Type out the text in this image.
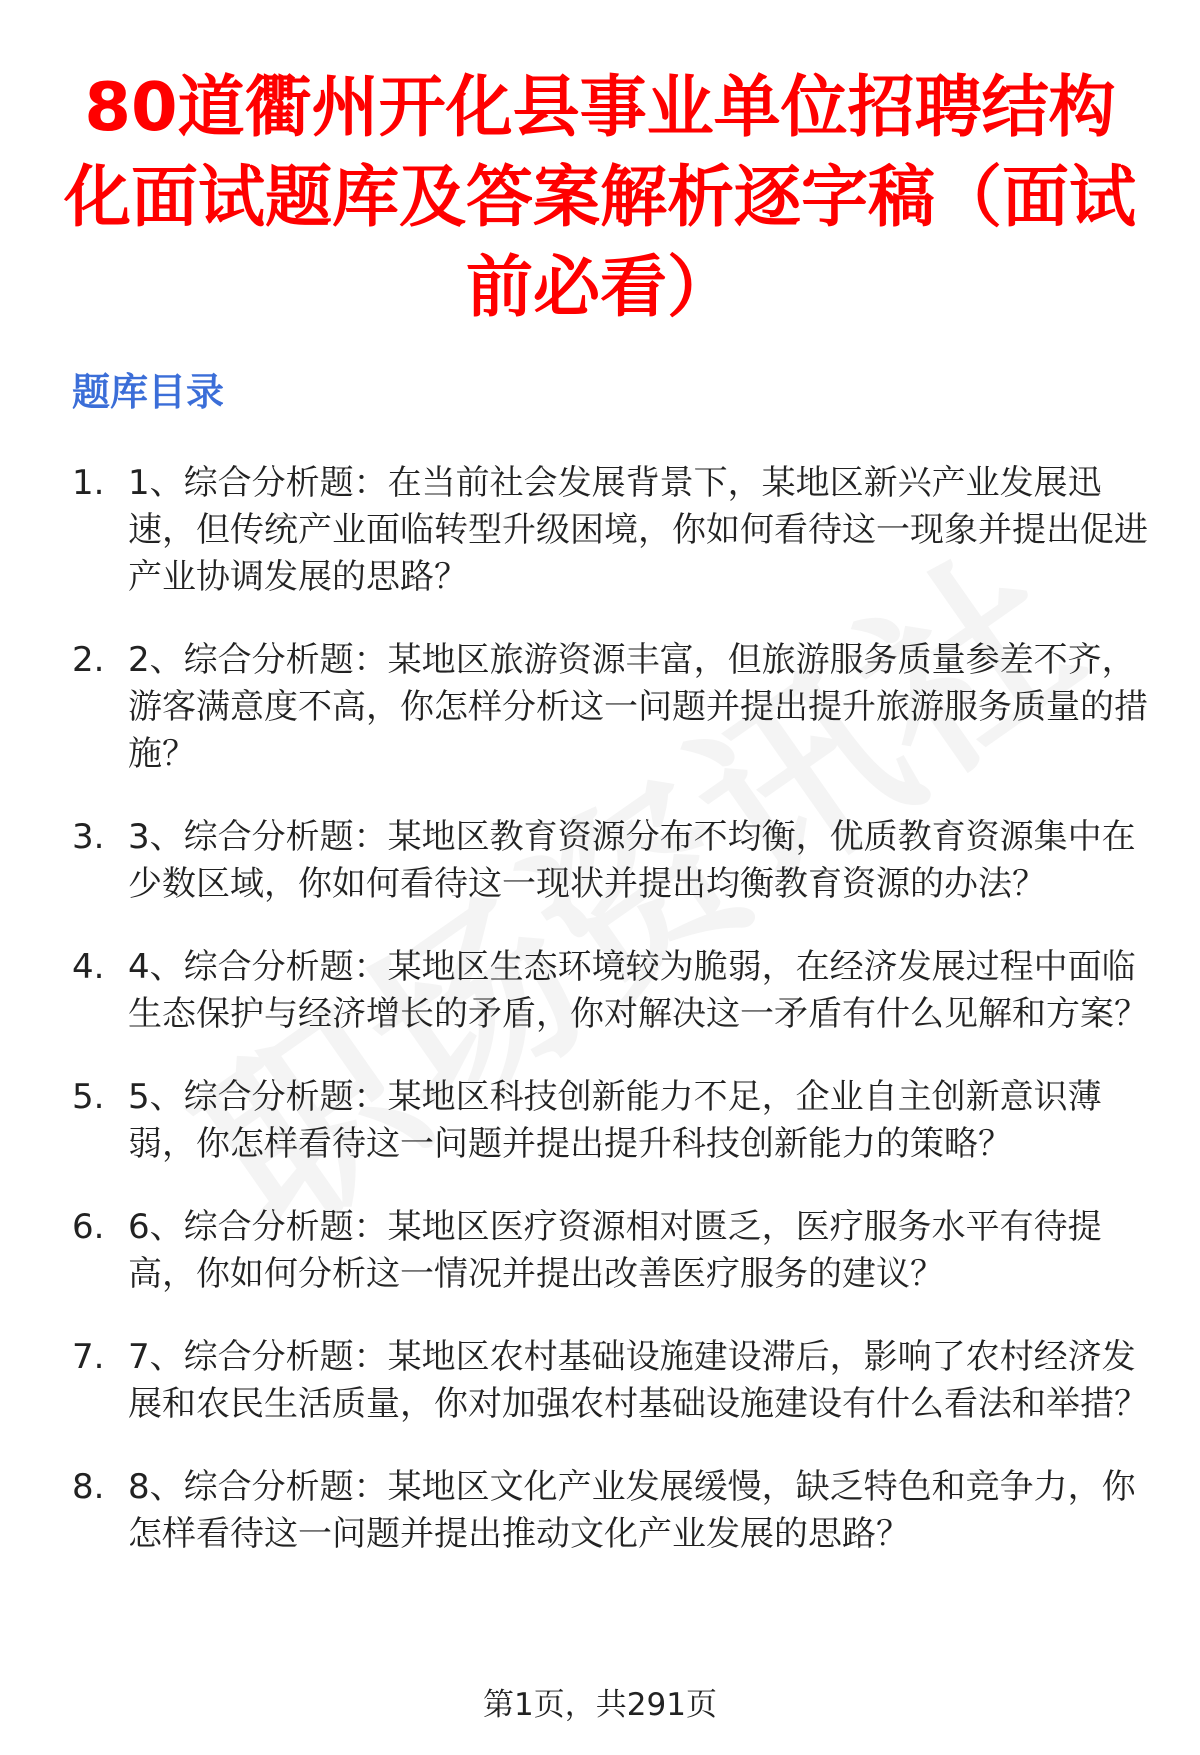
80道衢州开化县事业单位招聘结构化面试题库及答案解析逐字稿（面试前必看）
题库目录
1. 1、综合分析题：在当前社会发展背景下，某地区新兴产业发展迅速，但传统产业面临转型升级困境，你如何看待这一现象并提出促进产业协调发展的思路？
2. 2、综合分析题：某地区旅游资源丰富，但旅游服务质量参差不齐，游客满意度不高，你怎样分析这一问题并提出提升旅游服务质量的措施？
3. 3、综合分析题：某地区教育资源分布不均衡，优质教育资源集中在少数区域，你如何看待这一现状并提出均衡教育资源的办法？
4. 4、综合分析题：某地区生态环境较为脆弱，在经济发展过程中面临生态保护与经济增长的矛盾，你对解决这一矛盾有什么见解和方案？
5. 5、综合分析题：某地区科技创新能力不足，企业自主创新意识薄弱，你怎样看待这一问题并提出提升科技创新能力的策略？
6. 6、综合分析题：某地区医疗资源相对匮乏，医疗服务水平有待提高，你如何分析这一情况并提出改善医疗服务的建议？
7. 7、综合分析题：某地区农村基础设施建设滞后，影响了农村经济发展和农民生活质量，你对加强农村基础设施建设有什么看法和举措？
8. 8、综合分析题：某地区文化产业发展缓慢，缺乏特色和竞争力，你怎样看待这一问题并提出推动文化产业发展的思路？
第1页，共291页
